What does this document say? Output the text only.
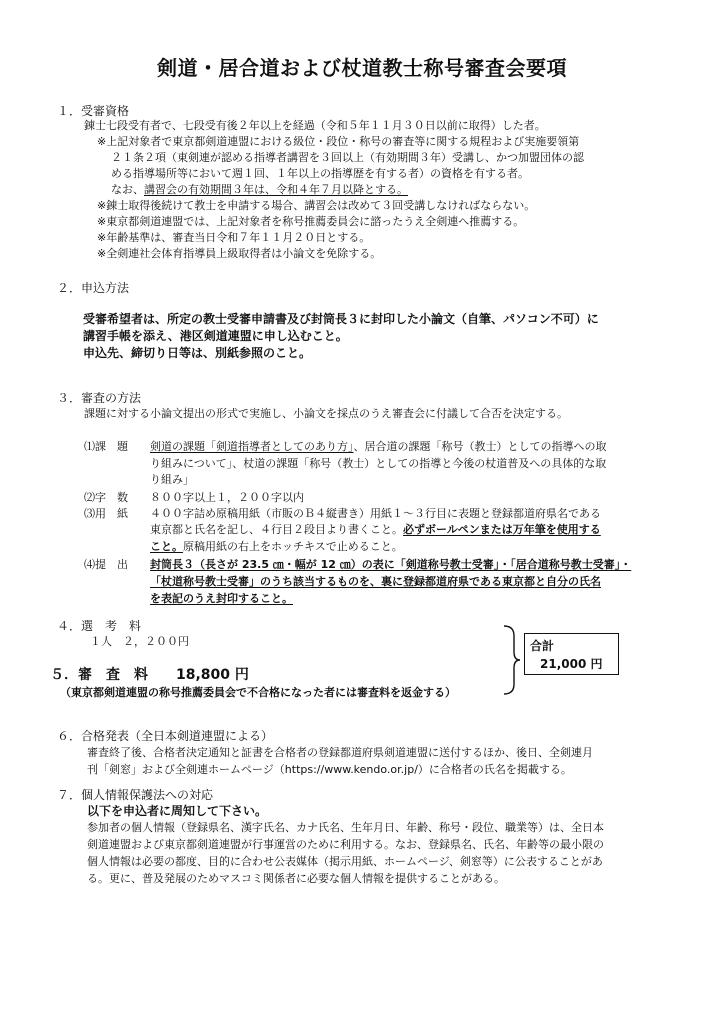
剣道・居合道および杖道教士称号審査会要項
１．受審資格
錬士七段受有者で、七段受有後２年以上を経過（令和５年１１月３０日以前に取得）した者。
※上記対象者で東京都剣道連盟における級位・段位・称号の審査等に関する規程および実施要領第
２１条２項（東剣連が認める指導者講習を３回以上（有効期間３年）受講し、かつ加盟団体の認
める指導場所等において週１回、１年以上の指導歴を有する者）の資格を有する者。
なお、講習会の有効期間３年は、令和４年７月以降とする。
※錬士取得後続けて教士を申請する場合、講習会は改めて３回受講しなければならない。
※東京都剣道連盟では、上記対象者を称号推薦委員会に諮ったうえ全剣連へ推薦する。
※年齢基準は、審査当日令和７年１１月２０日とする。
※全剣連社会体育指導員上級取得者は小論文を免除する。
２．申込方法
受審希望者は、所定の教士受審申請書及び封筒長３に封印した小論文（自筆、パソコン不可）に
講習手帳を添え、港区剣道連盟に申し込むこと。
申込先、締切り日等は、別紙参照のこと。
３．審査の方法
課題に対する小論文提出の形式で実施し、小論文を採点のうえ審査会に付議して合否を決定する。
⑴課　題 剣道の課題「剣道指導者としてのあり方」、居合道の課題「称号（教士）としての指導への取
り組みについて」、杖道の課題「称号（教士）としての指導と今後の杖道普及への具体的な取
り組み」
⑵字　数 ８００字以上１，２００字以内
⑶用　紙 ４００字詰め原稿用紙（市販のＢ４縦書き）用紙１～３行目に表題と登録都道府県名である
東京都と氏名を記し、４行目２段目より書くこと。必ずボールペンまたは万年筆を使用する
こと。原稿用紙の右上をホッチキスで止めること。
⑷提　出 封筒長３（長さが 23.5 ㎝・幅が 12 ㎝）の表に「剣道称号教士受審」・「居合道称号教士受審」・
「杖道称号教士受審」のうち該当するものを、裏に登録都道府県である東京都と自分の氏名
を表記のうえ封印すること。
４．選　考　料
１人　２，２００円
５．審　査　料　　18,800 円
（東京都剣道連盟の称号推薦委員会で不合格になった者には審査料を返金する）
合計
21,000 円
６．合格発表（全日本剣道連盟による）
審査終了後、合格者決定通知と証書を合格者の登録都道府県剣道連盟に送付するほか、後日、全剣連月
刊「剣窓」および全剣連ホームページ（https://www.kendo.or.jp/）に合格者の氏名を掲載する。
７．個人情報保護法への対応
以下を申込者に周知して下さい。
参加者の個人情報（登録県名、漢字氏名、カナ氏名、生年月日、年齢、称号・段位、職業等）は、全日本
剣道連盟および東京都剣道連盟が行事運営のために利用する。なお、登録県名、氏名、年齢等の最小限の
個人情報は必要の都度、目的に合わせ公表媒体（掲示用紙、ホームページ、剣窓等）に公表することがあ
る。更に、普及発展のためマスコミ関係者に必要な個人情報を提供することがある。
